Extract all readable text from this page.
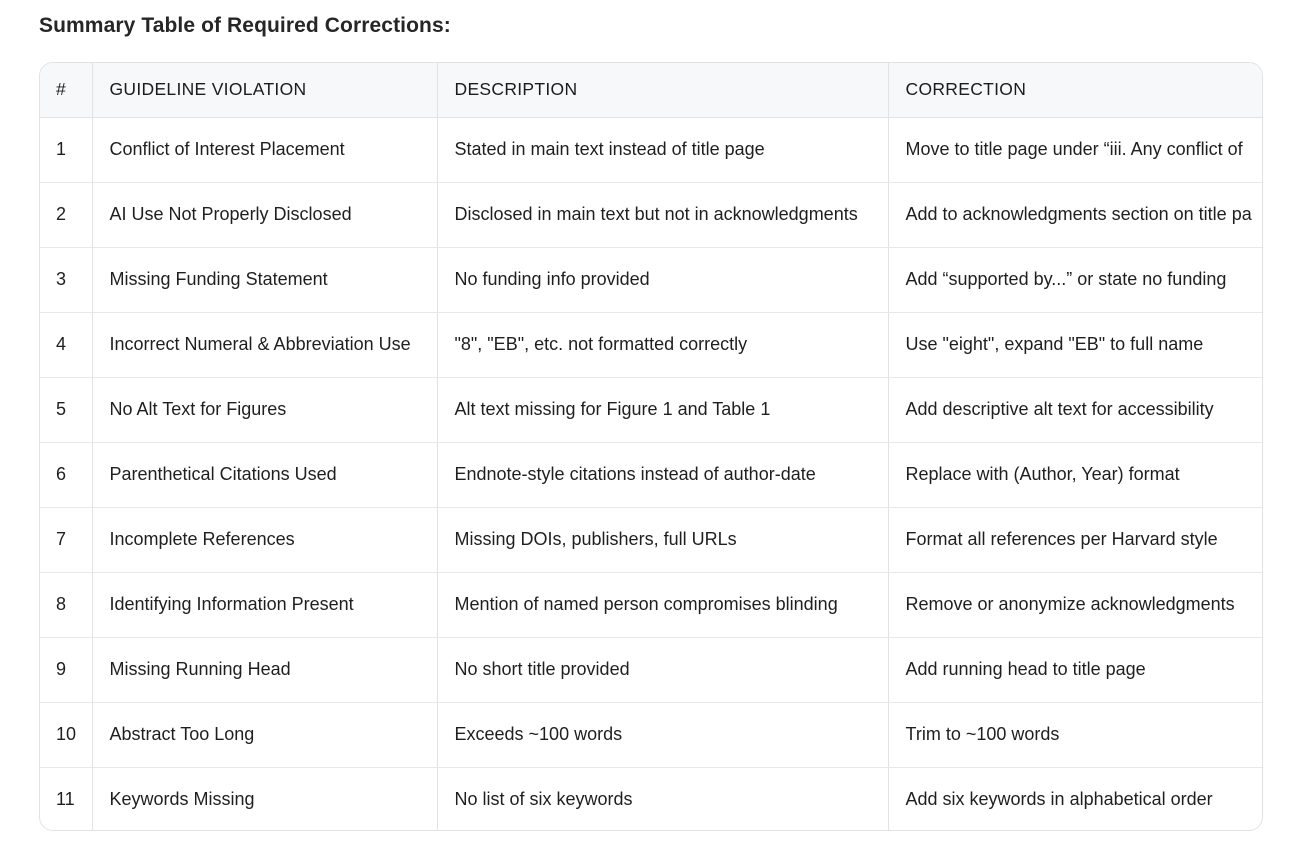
Summary Table of Required Corrections:
#	GUIDELINE VIOLATION	DESCRIPTION	CORRECTION
1	Conflict of Interest Placement	Stated in main text instead of title page	Move to title page under “iii. Any conflict of
2	AI Use Not Properly Disclosed	Disclosed in main text but not in acknowledgments	Add to acknowledgments section on title pa
3	Missing Funding Statement	No funding info provided	Add “supported by...” or state no funding
4	Incorrect Numeral & Abbreviation Use	"8", "EB", etc. not formatted correctly	Use "eight", expand "EB" to full name
5	No Alt Text for Figures	Alt text missing for Figure 1 and Table 1	Add descriptive alt text for accessibility
6	Parenthetical Citations Used	Endnote-style citations instead of author-date	Replace with (Author, Year) format
7	Incomplete References	Missing DOIs, publishers, full URLs	Format all references per Harvard style
8	Identifying Information Present	Mention of named person compromises blinding	Remove or anonymize acknowledgments
9	Missing Running Head	No short title provided	Add running head to title page
10	Abstract Too Long	Exceeds ~100 words	Trim to ~100 words
11	Keywords Missing	No list of six keywords	Add six keywords in alphabetical order
